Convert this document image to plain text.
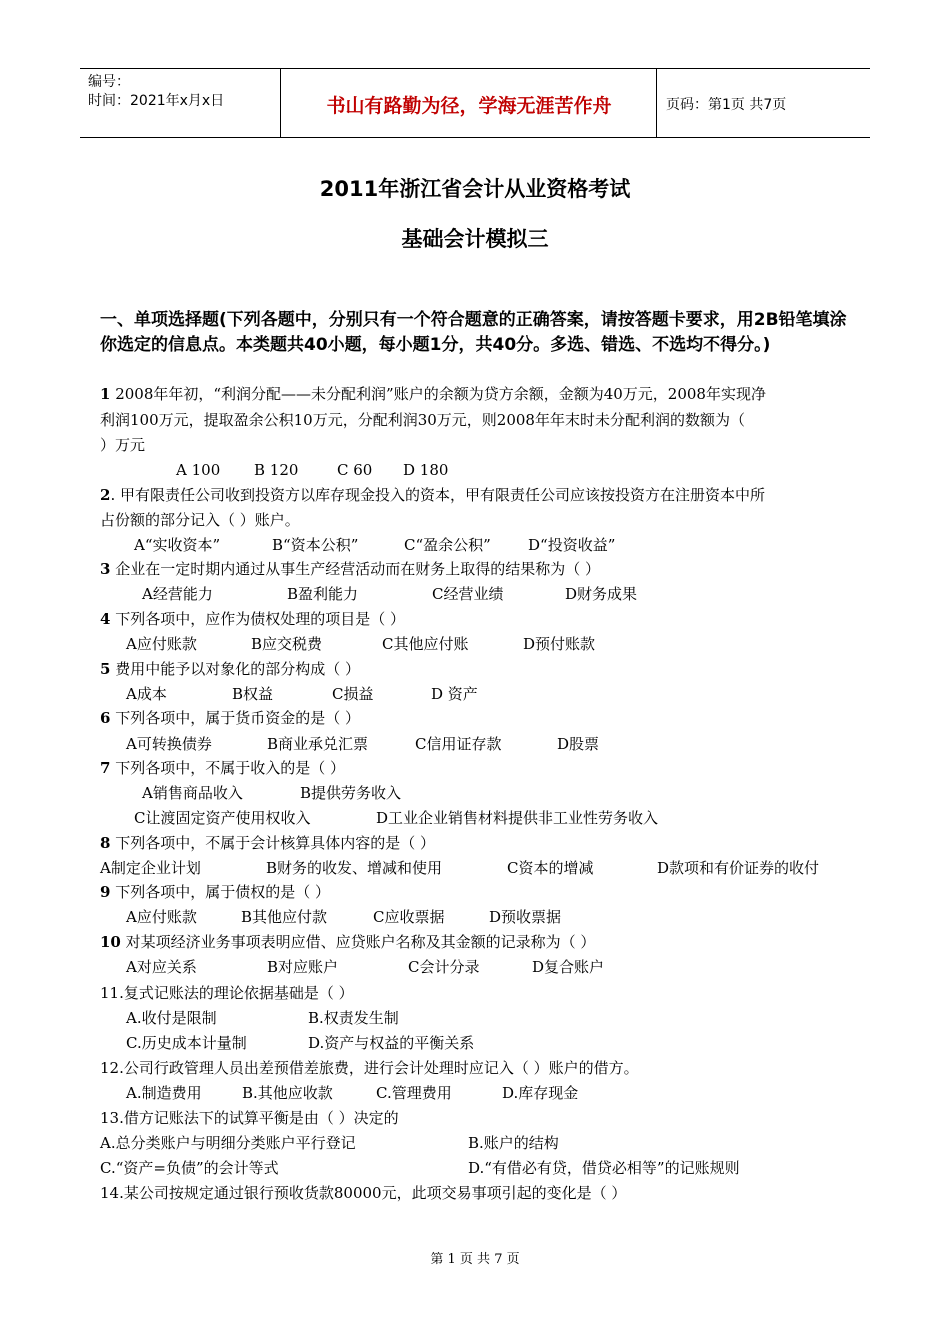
编号：
时间：2021年x月x日	书山有路勤为径，学海无涯苦作舟	页码：第1页 共7页
2011年浙江省会计从业资格考试
基础会计模拟三
一、单项选择题(下列各题中，分别只有一个符合题意的正确答案，请按答题卡要求，用2B铅笔填涂你选定的信息点。本类题共40小题，每小题1分，共40分。多选、错选、不选均不得分。)
1 2008年年初，“利润分配——未分配利润”账户的余额为贷方余额，金额为40万元，2008年实现净
利润100万元，提取盈余公积10万元，分配利润30万元，则2008年年末时未分配利润的数额为（
）万元
A 100 B 120	C 60 D 180
2. 甲有限责任公司收到投资方以库存现金投入的资本，甲有限责任公司应该按投资方在注册资本中所
占份额的部分记入（ ）账户。
A“实收资本”	B“资本公积”	C“盈余公积” D“投资收益”
3 企业在一定时期内通过从事生产经营活动而在财务上取得的结果称为（ ）
A经营能力	B盈利能力	C经营业绩	D财务成果
4 下列各项中，应作为债权处理的项目是（ ）
A应付账款	B应交税费	C其他应付账	D预付账款
5 费用中能予以对象化的部分构成（ ）
A成本	B权益	C损益	D 资产
6 下列各项中，属于货币资金的是（ ）
A可转换债券	B商业承兑汇票	C信用证存款	D股票
7 下列各项中，不属于收入的是（ ）
A销售商品收入	B提供劳务收入
C让渡固定资产使用权收入	D工业企业销售材料提供非工业性劳务收入
8 下列各项中，不属于会计核算具体内容的是（ ）
A制定企业计划	B财务的收发、增减和使用	C资本的增减	D款项和有价证券的收付
9 下列各项中，属于债权的是（ ）
A应付账款	B其他应付款	C应收票据	D预收票据
10 对某项经济业务事项表明应借、应贷账户名称及其金额的记录称为（ ）
A对应关系	B对应账户	C会计分录	D复合账户
11.复式记账法的理论依据基础是（ ）
A.收付是限制	B.权责发生制
C.历史成本计量制	D.资产与权益的平衡关系
12.公司行政管理人员出差预借差旅费，进行会计处理时应记入（ ）账户的借方。
A.制造费用	B.其他应收款	C.管理费用	D.库存现金
13.借方记账法下的试算平衡是由（ ）决定的
A.总分类账户与明细分类账户平行登记	B.账户的结构
C.“资产=负债”的会计等式	D.“有借必有贷，借贷必相等”的记账规则
14.某公司按规定通过银行预收货款80000元，此项交易事项引起的变化是（ ）
第 1 页 共 7 页
